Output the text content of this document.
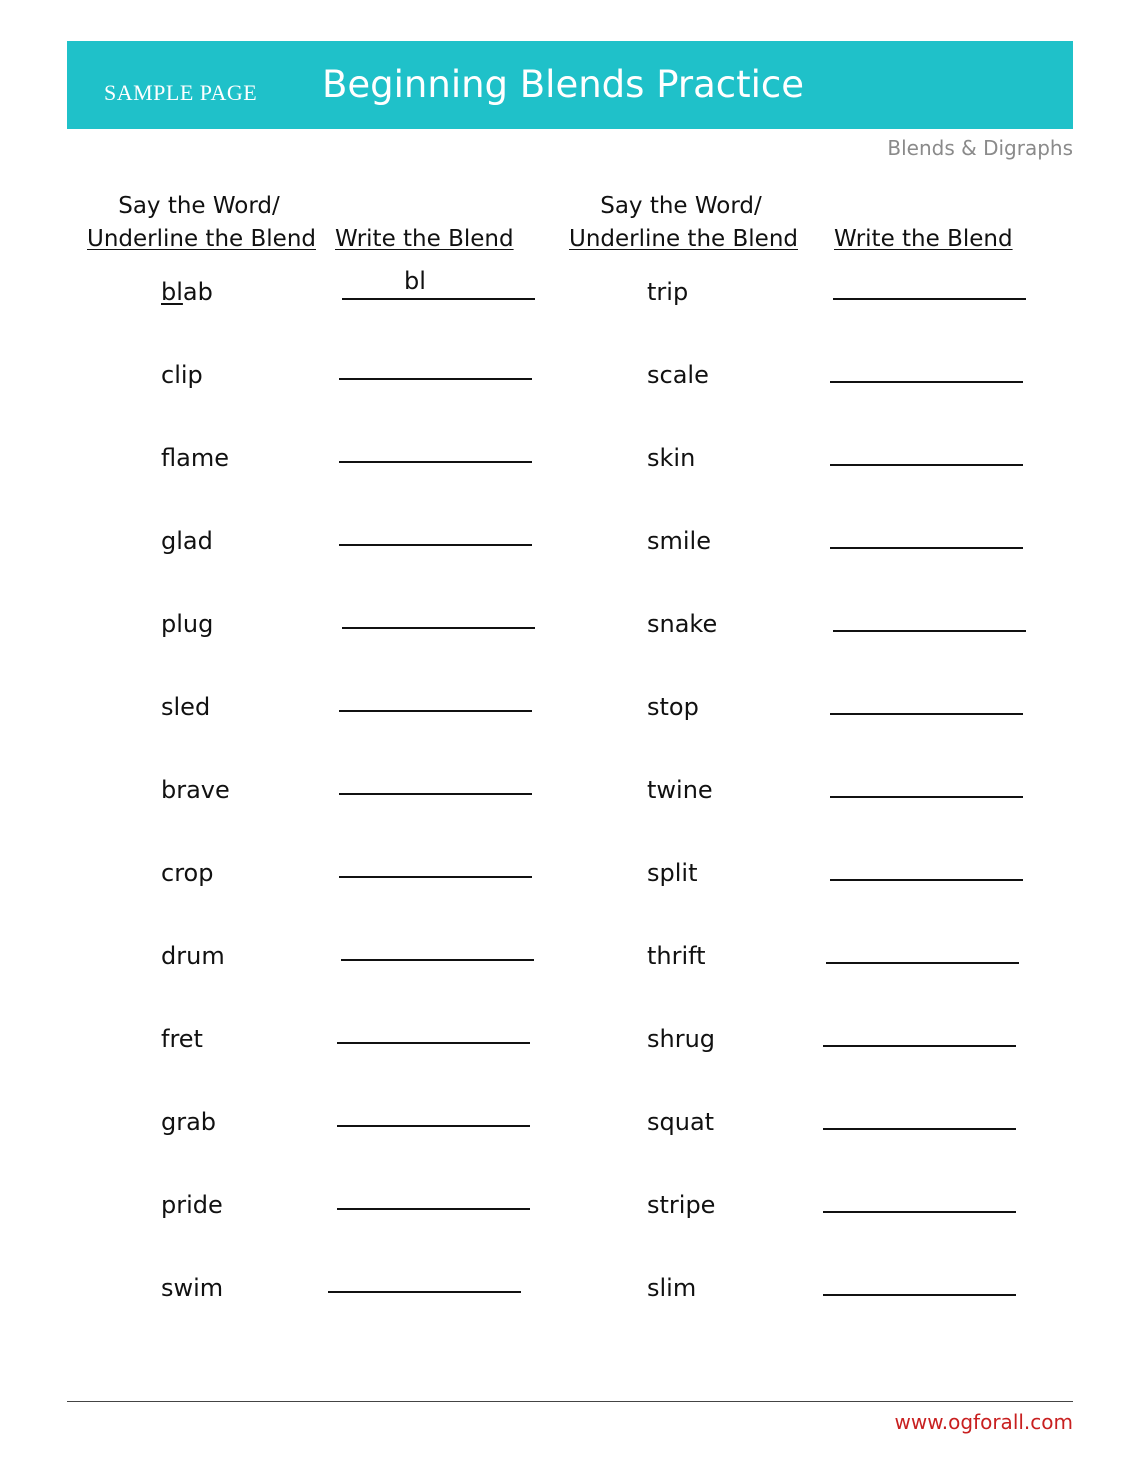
SAMPLE PAGE Beginning Blends Practice
Blends & Digraphs
Say the Word/
Underline the Blend Write the Blend
Say the Word/
Underline the Blend Write the Blend
blab	bl
clip
flame
glad
plug
sled
brave
crop
drum
fret
grab
pride
swim
trip
scale
skin
smile
snake
stop
twine
split
thrift
shrug
squat
stripe
slim
www.ogforall.com
